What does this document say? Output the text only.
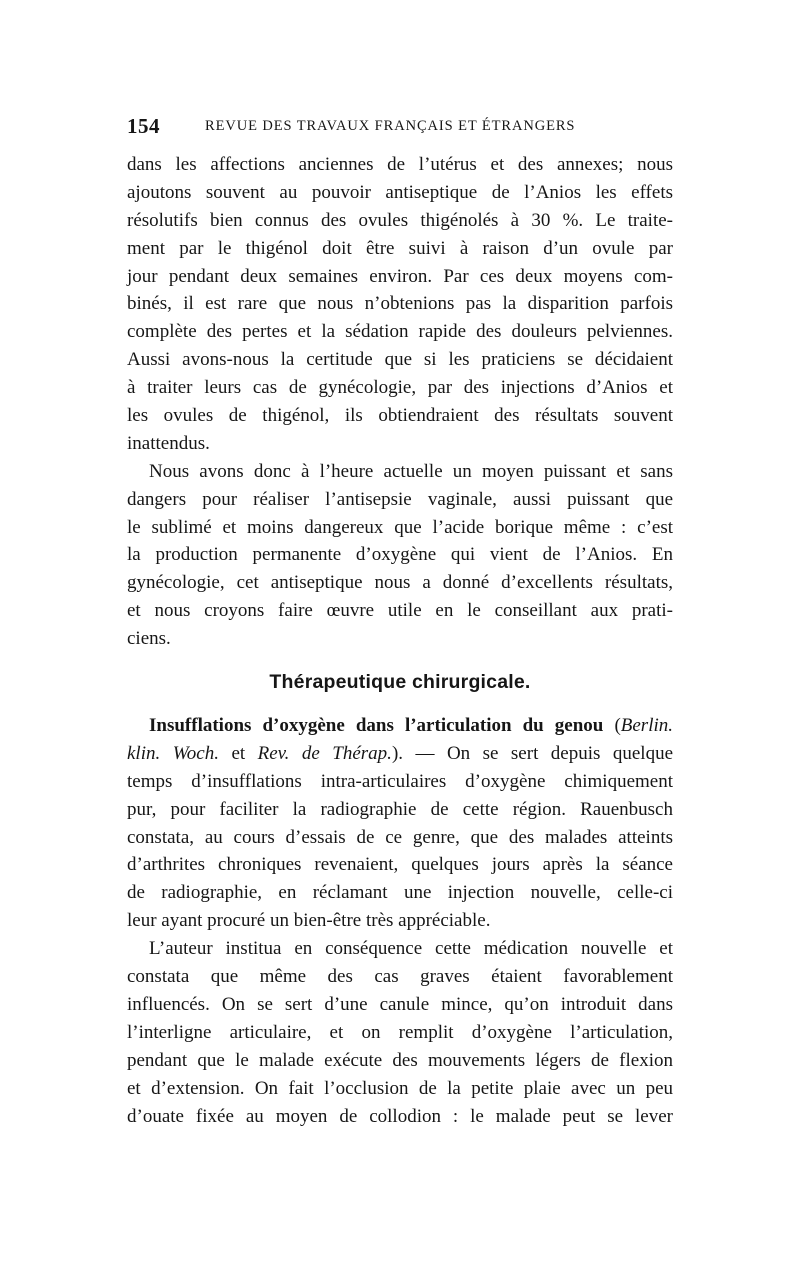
154	REVUE DES TRAVAUX FRANÇAIS ET ÉTRANGERS
dans les affections anciennes de l’utérus et des annexes; nous
ajoutons souvent au pouvoir antiseptique de l’Anios les effets
résolutifs bien connus des ovules thigénolés à 30 %. Le traite-
ment par le thigénol doit être suivi à raison d’un ovule par
jour pendant deux semaines environ. Par ces deux moyens com-
binés, il est rare que nous n’obtenions pas la disparition parfois
complète des pertes et la sédation rapide des douleurs pelviennes.
Aussi avons-nous la certitude que si les praticiens se décidaient
à traiter leurs cas de gynécologie, par des injections d’Anios et
les ovules de thigénol, ils obtiendraient des résultats souvent
inattendus.
Nous avons donc à l’heure actuelle un moyen puissant et sans
dangers pour réaliser l’antisepsie vaginale, aussi puissant que
le sublimé et moins dangereux que l’acide borique même : c’est
la production permanente d’oxygène qui vient de l’Anios. En
gynécologie, cet antiseptique nous a donné d’excellents résultats,
et nous croyons faire œuvre utile en le conseillant aux prati-
ciens.
Thérapeutique chirurgicale.
Insufflations d’oxygène dans l’articulation du genou (Berlin.
klin. Woch. et Rev. de Thérap.). — On se sert depuis quelque
temps d’insufflations intra-articulaires d’oxygène chimiquement
pur, pour faciliter la radiographie de cette région. Rauenbusch
constata, au cours d’essais de ce genre, que des malades atteints
d’arthrites chroniques revenaient, quelques jours après la séance
de radiographie, en réclamant une injection nouvelle, celle-ci
leur ayant procuré un bien-être très appréciable.
L’auteur institua en conséquence cette médication nouvelle et
constata que même des cas graves étaient favorablement
influencés. On se sert d’une canule mince, qu’on introduit dans
l’interligne articulaire, et on remplit d’oxygène l’articulation,
pendant que le malade exécute des mouvements légers de flexion
et d’extension. On fait l’occlusion de la petite plaie avec un peu
d’ouate fixée au moyen de collodion : le malade peut se lever
